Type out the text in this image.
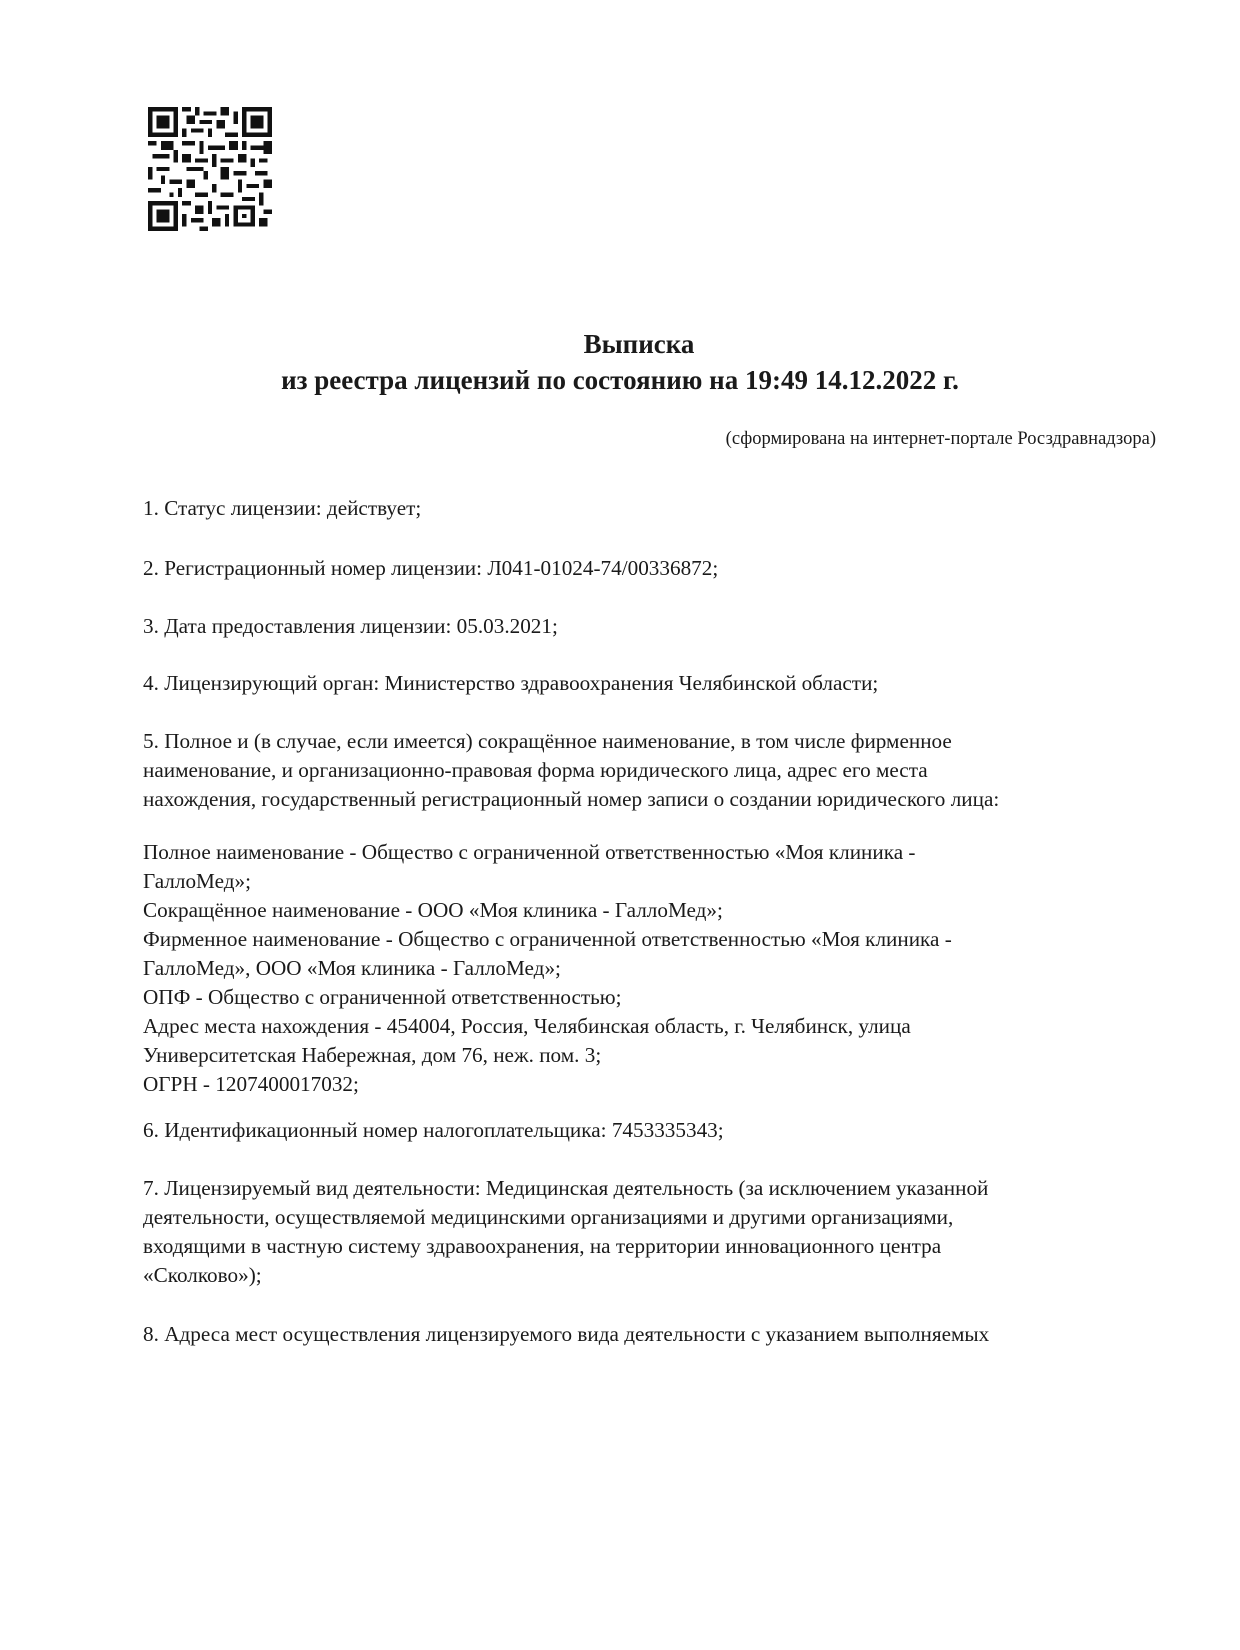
Выписка
из реестра лицензий по состоянию на 19:49 14.12.2022 г.
(сформирована на интернет-портале Росздравнадзора)
1. Статус лицензии: действует;
2. Регистрационный номер лицензии: Л041-01024-74/00336872;
3. Дата предоставления лицензии: 05.03.2021;
4. Лицензирующий орган: Министерство здравоохранения Челябинской области;
5. Полное и (в случае, если имеется) сокращённое наименование, в том числе фирменное
наименование, и организационно-правовая форма юридического лица, адрес его места
нахождения, государственный регистрационный номер записи о создании юридического лица:
Полное наименование - Общество с ограниченной ответственностью «Моя клиника -
ГаллоМед»;
Сокращённое наименование - ООО «Моя клиника - ГаллоМед»;
Фирменное наименование - Общество с ограниченной ответственностью «Моя клиника -
ГаллоМед», ООО «Моя клиника - ГаллоМед»;
ОПФ - Общество с ограниченной ответственностью;
Адрес места нахождения - 454004, Россия, Челябинская область, г. Челябинск, улица
Университетская Набережная, дом 76, неж. пом. 3;
ОГРН - 1207400017032;
6. Идентификационный номер налогоплательщика: 7453335343;
7. Лицензируемый вид деятельности: Медицинская деятельность (за исключением указанной
деятельности, осуществляемой медицинскими организациями и другими организациями,
входящими в частную систему здравоохранения, на территории инновационного центра
«Сколково»);
8. Адреса мест осуществления лицензируемого вида деятельности с указанием выполняемых
